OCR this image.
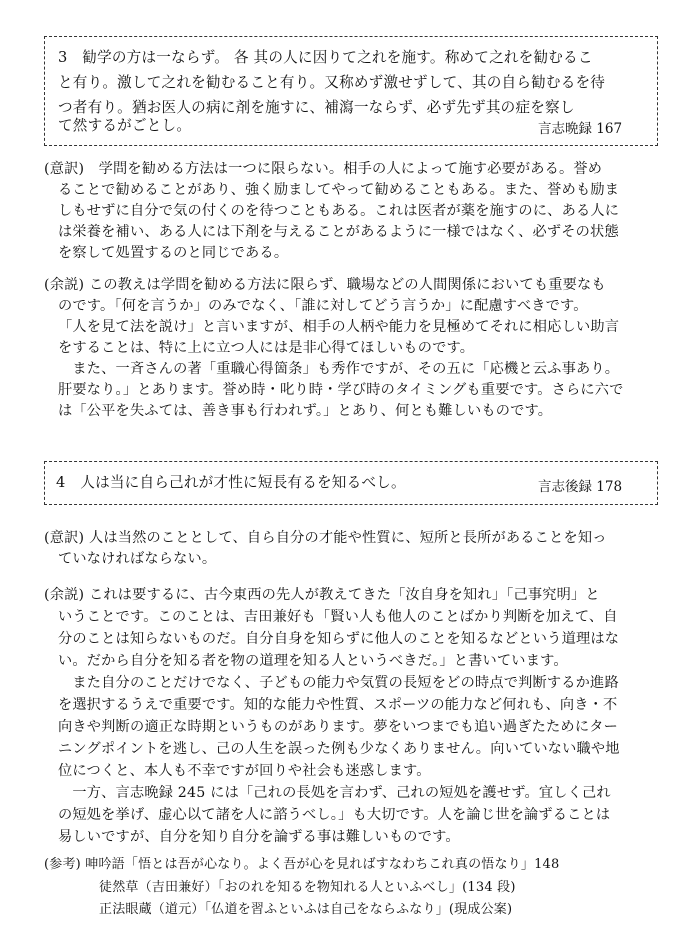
3　 勧学の方は一ならず。 各 其の人に因りて之れを施す。称めて之れを勧むるこ
と有り。激して之れを勧むること有り。又称めず激せずして、其の自ら勧むるを待
つ者有り。猶お医人の病に剤を施すに、補瀉一ならず、必ず先ず其の症を察し
て然するがごとし。	言志晩録 167
(意訳)　学問を勧める方法は一つに限らない。相手の人によって施す必要がある。誉め
ることで勧めることがあり、強く励ましてやって勧めることもある。また、誉めも励ま
しもせずに自分で気の付くのを待つこともある。これは医者が薬を施すのに、ある人に
は栄養を補い、ある人には下剤を与えることがあるように一様ではなく、必ずその状態
を察して処置するのと同じである。
(余説) この教えは学問を勧める方法に限らず、職場などの人間関係においても重要なも
のです。「何を言うか」のみでなく、「誰に対してどう言うか」に配慮すべきです。
「人を見て法を説け」と言いますが、相手の人柄や能力を見極めてそれに相応しい助言
をすることは、特に上に立つ人には是非心得てほしいものです。
　また、一斉さんの著「重職心得箇条」も秀作ですが、その五に「応機と云ふ事あり。
肝要なり。」とあります。誉め時・叱り時・学び時のタイミングも重要です。さらに六で
は「公平を失ふては、善き事も行われず。」とあり、何とも難しいものです。
4　 人は当に自ら己れが才性に短長有るを知るべし。	言志後録 178
(意訳) 人は当然のこととして、自ら自分の才能や性質に、短所と長所があることを知っ
ていなければならない。
(余説) これは要するに、古今東西の先人が教えてきた「汝自身を知れ」「己事究明」と
いうことです。このことは、吉田兼好も「賢い人も他人のことばかり判断を加えて、自
分のことは知らないものだ。自分自身を知らずに他人のことを知るなどという道理はな
い。だから自分を知る者を物の道理を知る人というべきだ。」と書いています。
　また自分のことだけでなく、子どもの能力や気質の長短をどの時点で判断するか進路
を選択するうえで重要です。知的な能力や性質、スポーツの能力など何れも、向き・不
向きや判断の適正な時期というものがあります。夢をいつまでも追い過ぎたためにター
ニングポイントを逃し、己の人生を誤った例も少なくありません。向いていない職や地
位につくと、本人も不幸ですが回りや社会も迷惑します。
　一方、言志晩録 245 には「己れの長処を言わず、己れの短処を護せず。宜しく己れ
の短処を挙げ、虚心以て諸を人に諮うべし。」も大切です。人を論じ世を論ずることは
易しいですが、自分を知り自分を論ずる事は難しいものです。
(参考) 呻吟語「悟とは吾が心なり。よく吾が心を見ればすなわちこれ真の悟なり」148
徒然草（吉田兼好）「おのれを知るを物知れる人といふべし」(134 段)
正法眼蔵（道元）「仏道を習ふといふは自己をならふなり」(現成公案)
